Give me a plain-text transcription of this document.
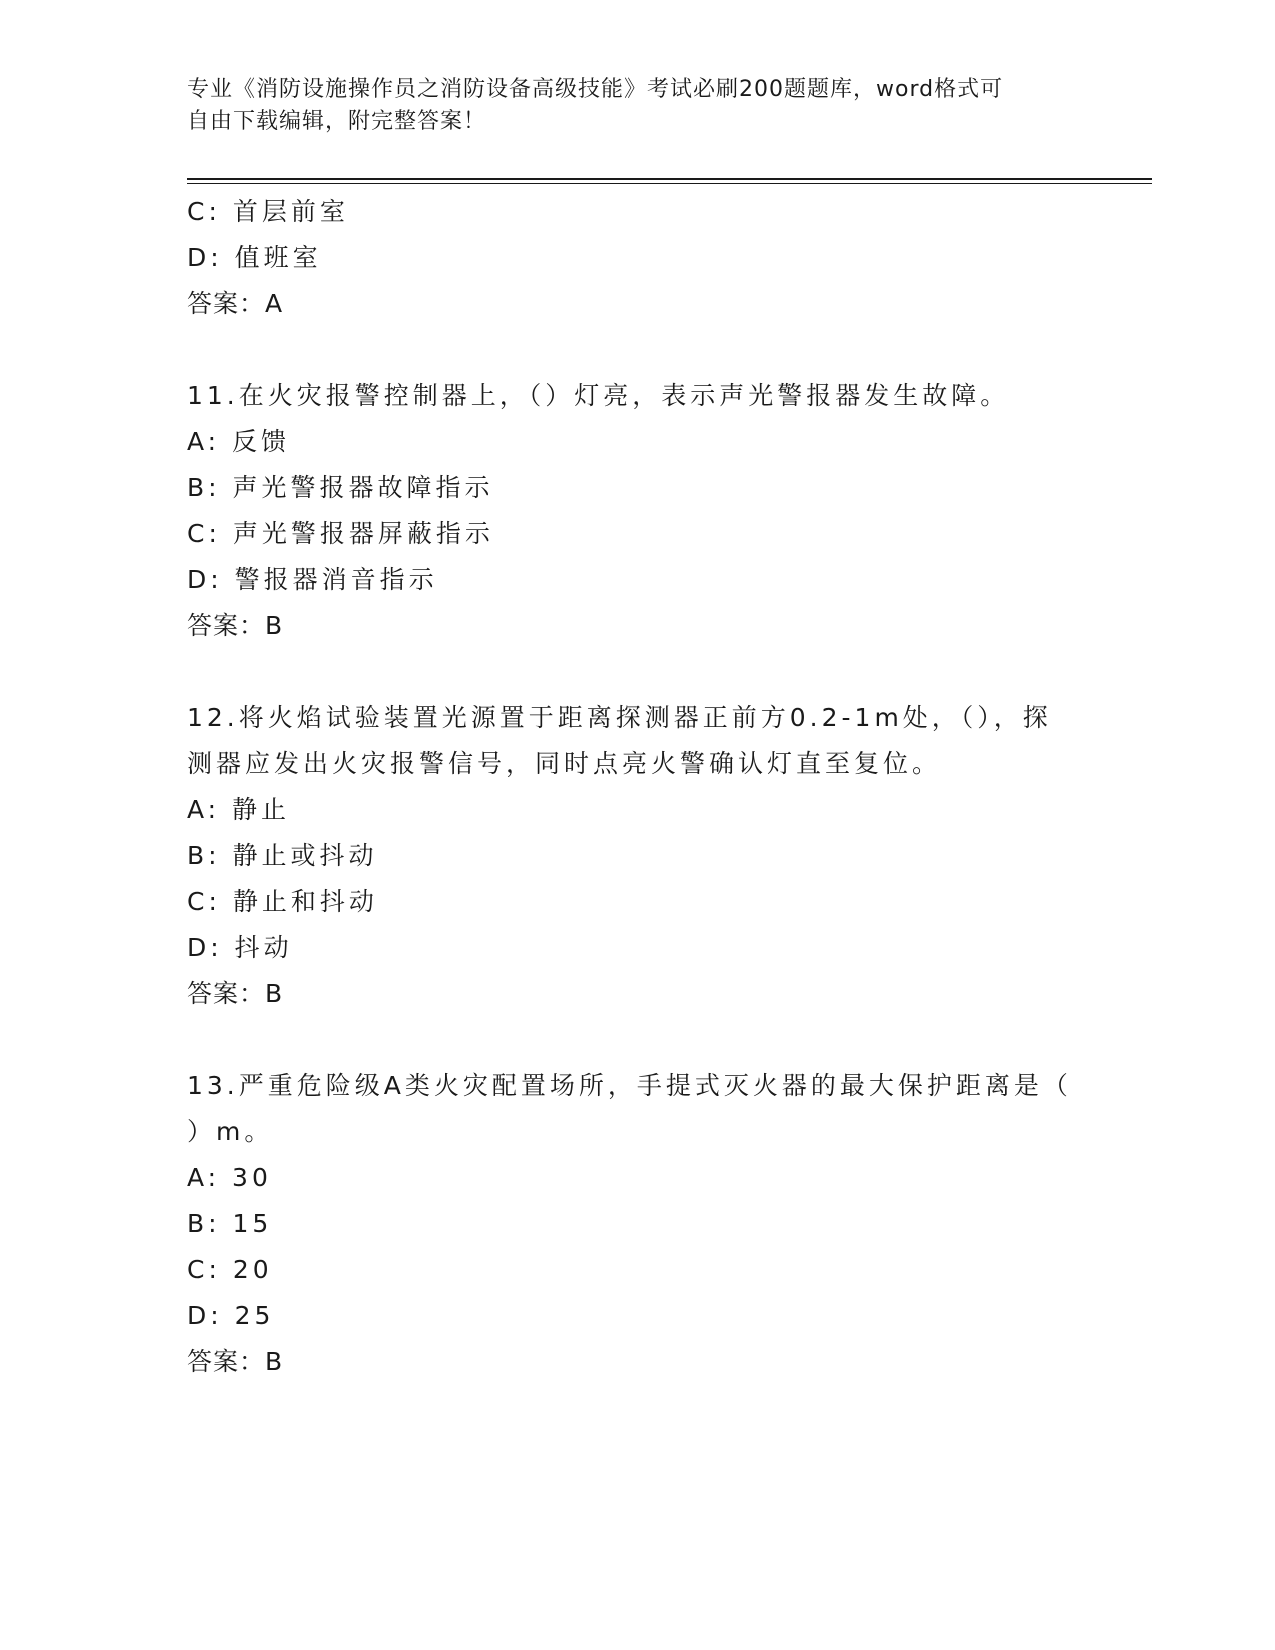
专业《消防设施操作员之消防设备高级技能》考试必刷200题题库，word格式可
自由下载编辑，附完整答案！
C: 首层前室
D: 值班室
答案：A
11.在火灾报警控制器上，（）灯亮，表示声光警报器发生故障。
A: 反馈
B: 声光警报器故障指示
C: 声光警报器屏蔽指示
D: 警报器消音指示
答案：B
12.将火焰试验装置光源置于距离探测器正前方0.2-1m处，（），探
测器应发出火灾报警信号，同时点亮火警确认灯直至复位。
A: 静止
B: 静止或抖动
C: 静止和抖动
D: 抖动
答案：B
13.严重危险级A类火灾配置场所，手提式灭火器的最大保护距离是（
）m。
A: 30
B: 15
C: 20
D: 25
答案：B
